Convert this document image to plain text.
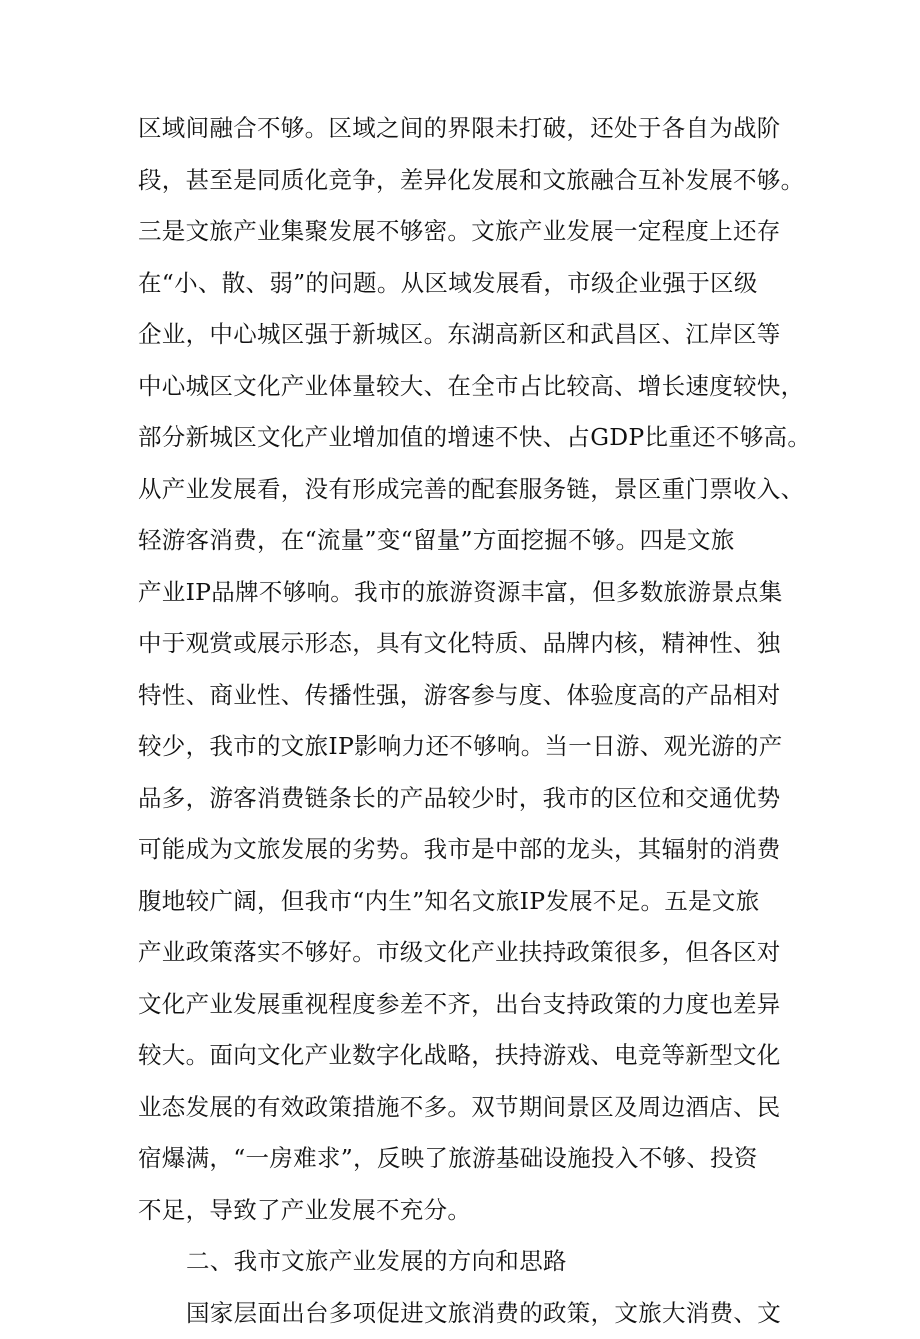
区域间融合不够。区域之间的界限未打破，还处于各自为战阶
段，甚至是同质化竞争，差异化发展和文旅融合互补发展不够。
三是文旅产业集聚发展不够密。文旅产业发展一定程度上还存
在“小、散、弱”的问题。从区域发展看，市级企业强于区级
企业，中心城区强于新城区。东湖高新区和武昌区、江岸区等
中心城区文化产业体量较大、在全市占比较高、增长速度较快，
部分新城区文化产业增加值的增速不快、占GDP比重还不够高。
从产业发展看，没有形成完善的配套服务链，景区重门票收入、
轻游客消费，在“流量”变“留量”方面挖掘不够。四是文旅
产业IP品牌不够响。我市的旅游资源丰富，但多数旅游景点集
中于观赏或展示形态，具有文化特质、品牌内核，精神性、独
特性、商业性、传播性强，游客参与度、体验度高的产品相对
较少，我市的文旅IP影响力还不够响。当一日游、观光游的产
品多，游客消费链条长的产品较少时，我市的区位和交通优势
可能成为文旅发展的劣势。我市是中部的龙头，其辐射的消费
腹地较广阔，但我市“内生”知名文旅IP发展不足。五是文旅
产业政策落实不够好。市级文化产业扶持政策很多，但各区对
文化产业发展重视程度参差不齐，出台支持政策的力度也差异
较大。面向文化产业数字化战略，扶持游戏、电竞等新型文化
业态发展的有效政策措施不多。双节期间景区及周边酒店、民
宿爆满，“一房难求”，反映了旅游基础设施投入不够、投资
不足，导致了产业发展不充分。
二、我市文旅产业发展的方向和思路
国家层面出台多项促进文旅消费的政策，文旅大消费、文
